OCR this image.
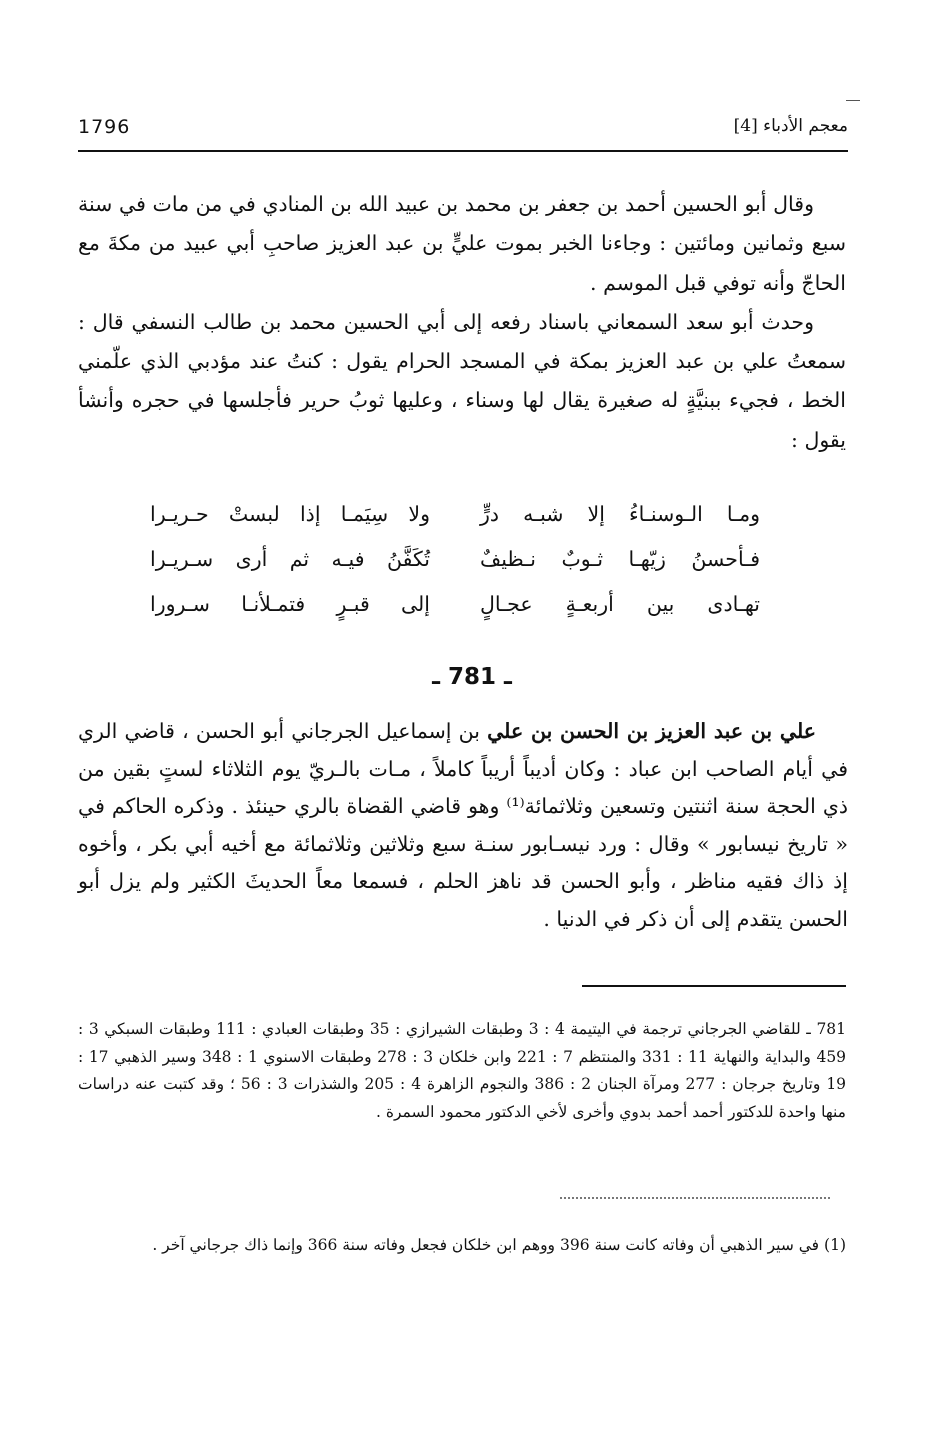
1796	معجم الأدباء [4]

وقال أبو الحسين أحمد بن جعفر بن محمد بن عبيد الله بن المنادي في من مات في سنة سبع وثمانين ومائتين : وجاءنا الخبر بموت عليٍّ بن عبد العزيز صاحبِ أبي عبيد من مكةَ مع الحاجّ وأنه توفي قبل الموسم .

وحدث أبو سعد السمعاني باسناد رفعه إلى أبي الحسين محمد بن طالب النسفي قال : سمعتُ علي بن عبد العزيز بمكة في المسجد الحرام يقول : كنتُ عند مؤدبي الذي علّمني الخط ، فجيء ببنيَّةٍ له صغيرة يقال لها وسناء ، وعليها ثوبُ حرير فأجلسها في حجره وأنشأ يقول :

ومـا الـوسنـاءُ إلا شبـه درٍّ
ولا سِيَمـا إذا لبستْ حـريـرا
فـأحسنُ زيّهـا ثـوبٌ نـظيفٌ
تُكَفَّنُ فيـه ثم أرى سـريـرا
تهـادى بين أربعـةٍ عجـالٍ
إلى قبـرٍ فتمـلأنـا سـرورا
ـ 781 ـ

علي بن عبد العزيز بن الحسن بن علي بن إسماعيل الجرجاني أبو الحسن ، قاضي الري في أيام الصاحب ابن عباد : وكان أديباً أريباً كاملاً ، مـات بالـريّ يوم الثلاثاء لستٍ بقين من ذي الحجة سنة اثنتين وتسعين وثلاثمائة⁽¹⁾ وهو قاضي القضاة بالري حينئذ . وذكره الحاكم في « تاريخ نيسابور » وقال : ورد نيسـابور سنـة سبع وثلاثين وثلاثمائة مع أخيه أبي بكر ، وأخوه إذ ذاك فقيه مناظر ، وأبو الحسن قد ناهز الحلم ، فسمعا معاً الحديثَ الكثير ولم يزل أبو الحسن يتقدم إلى أن ذكر في الدنيا .

781 ـ للقاضي الجرجاني ترجمة في اليتيمة 4 : 3 وطبقات الشيرازي : 35 وطبقات العبادي : 111 وطبقات السبكي 3 : 459 والبداية والنهاية 11 : 331 والمنتظم 7 : 221 وابن خلكان 3 : 278 وطبقات الاسنوي 1 : 348 وسير الذهبي 17 : 19 وتاريخ جرجان : 277 ومرآة الجنان 2 : 386 والنجوم الزاهرة 4 : 205 والشذرات 3 : 56 ؛ وقد كتبت عنه دراسات منها واحدة للدكتور أحمد أحمد بدوي وأخرى لأخي الدكتور محمود السمرة .

(1) في سير الذهبي أن وفاته كانت سنة 396 ووهم ابن خلكان فجعل وفاته سنة 366 وإنما ذاك جرجاني آخر .
